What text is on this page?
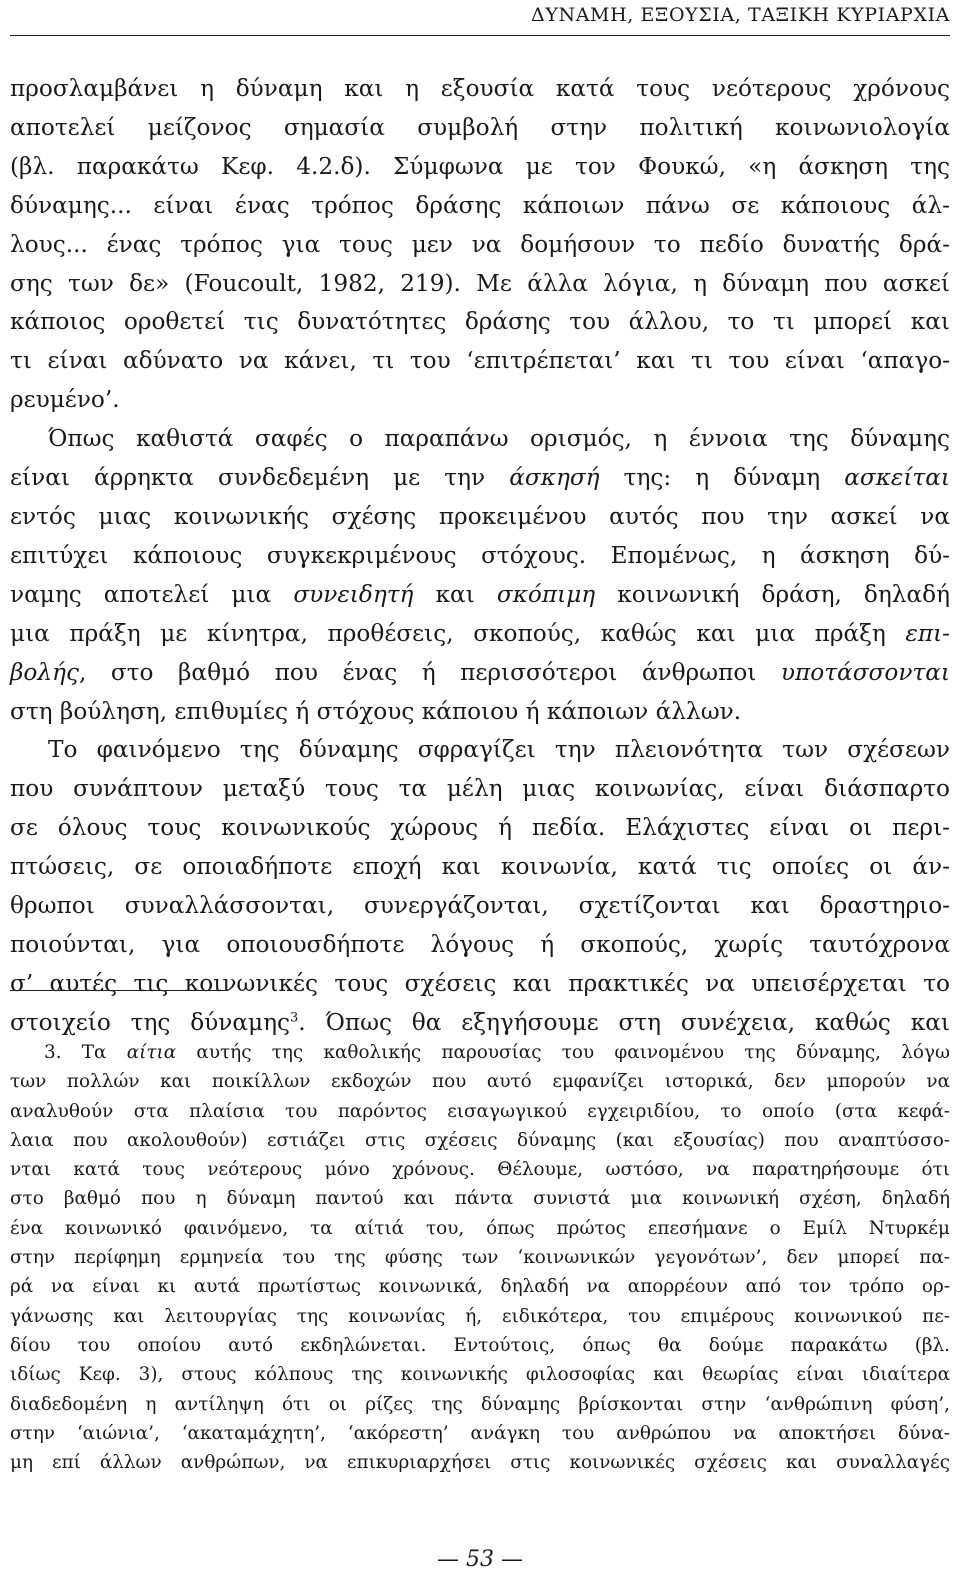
ΔΥΝΑΜΗ, ΕΞΟΥΣΙΑ, ΤΑΞΙΚΗ ΚΥΡΙΑΡΧΙΑ

προσλαμβάνει η δύναμη και η εξουσία κατά τους νεότερους χρόνους
αποτελεί μείζονος σημασία συμβολή στην πολιτική κοινωνιολογία
(βλ. παρακάτω Κεφ. 4.2.δ). Σύμφωνα με τον Φουκώ, «η άσκηση της
δύναμης... είναι ένας τρόπος δράσης κάποιων πάνω σε κάποιους άλ-
λους... ένας τρόπος για τους μεν να δομήσουν το πεδίο δυνατής δρά-
σης των δε» (Foucoult, 1982, 219). Με άλλα λόγια, η δύναμη που ασκεί
κάποιος οροθετεί τις δυνατότητες δράσης του άλλου, το τι μπορεί και
τι είναι αδύνατο να κάνει, τι του ‘επιτρέπεται’ και τι του είναι ‘απαγο-
ρευμένο’.

Όπως καθιστά σαφές ο παραπάνω ορισμός, η έννοια της δύναμης
είναι άρρηκτα συνδεδεμένη με την άσκησή της: η δύναμη ασκείται
εντός μιας κοινωνικής σχέσης προκειμένου αυτός που την ασκεί να
επιτύχει κάποιους συγκεκριμένους στόχους. Επομένως, η άσκηση δύ-
ναμης αποτελεί μια συνειδητή και σκόπιμη κοινωνική δράση, δηλαδή
μια πράξη με κίνητρα, προθέσεις, σκοπούς, καθώς και μια πράξη επι-
βολής, στο βαθμό που ένας ή περισσότεροι άνθρωποι υποτάσσονται
στη βούληση, επιθυμίες ή στόχους κάποιου ή κάποιων άλλων.

Το φαινόμενο της δύναμης σφραγίζει την πλειονότητα των σχέσεων
που συνάπτουν μεταξύ τους τα μέλη μιας κοινωνίας, είναι διάσπαρτο
σε όλους τους κοινωνικούς χώρους ή πεδία. Ελάχιστες είναι οι περι-
πτώσεις, σε οποιαδήποτε εποχή και κοινωνία, κατά τις οποίες οι άν-
θρωποι συναλλάσσονται, συνεργάζονται, σχετίζονται και δραστηριο-
ποιούνται, για οποιουσδήποτε λόγους ή σκοπούς, χωρίς ταυτόχρονα
σ’ αυτές τις κοινωνικές τους σχέσεις και πρακτικές να υπεισέρχεται το
στοιχείο της δύναμης$^3$. Όπως θα εξηγήσουμε στη συνέχεια, καθώς και

3. Τα αίτια αυτής της καθολικής παρουσίας του φαινομένου της δύναμης, λόγω
των πολλών και ποικίλλων εκδοχών που αυτό εμφανίζει ιστορικά, δεν μπορούν να
αναλυθούν στα πλαίσια του παρόντος εισαγωγικού εγχειριδίου, το οποίο (στα κεφά-
λαια που ακολουθούν) εστιάζει στις σχέσεις δύναμης (και εξουσίας) που αναπτύσσο-
νται κατά τους νεότερους μόνο χρόνους. Θέλουμε, ωστόσο, να παρατηρήσουμε ότι
στο βαθμό που η δύναμη παντού και πάντα συνιστά μια κοινωνική σχέση, δηλαδή
ένα κοινωνικό φαινόμενο, τα αίτιά του, όπως πρώτος επεσήμανε ο Εμίλ Ντυρκέμ
στην περίφημη ερμηνεία του της φύσης των ‘κοινωνικών γεγονότων’, δεν μπορεί πα-
ρά να είναι κι αυτά πρωτίστως κοινωνικά, δηλαδή να απορρέουν από τον τρόπο ορ-
γάνωσης και λειτουργίας της κοινωνίας ή, ειδικότερα, του επιμέρους κοινωνικού πε-
δίου του οποίου αυτό εκδηλώνεται. Εντούτοις, όπως θα δούμε παρακάτω (βλ.
ιδίως Κεφ. 3), στους κόλπους της κοινωνικής φιλοσοφίας και θεωρίας είναι ιδιαίτερα
διαδεδομένη η αντίληψη ότι οι ρίζες της δύναμης βρίσκονται στην ‘ανθρώπινη φύση’,
στην ‘αιώνια’, ‘ακαταμάχητη’, ‘ακόρεστη’ ανάγκη του ανθρώπου να αποκτήσει δύνα-
μη επί άλλων ανθρώπων, να επικυριαρχήσει στις κοινωνικές σχέσεις και συναλλαγές
— 53 —
